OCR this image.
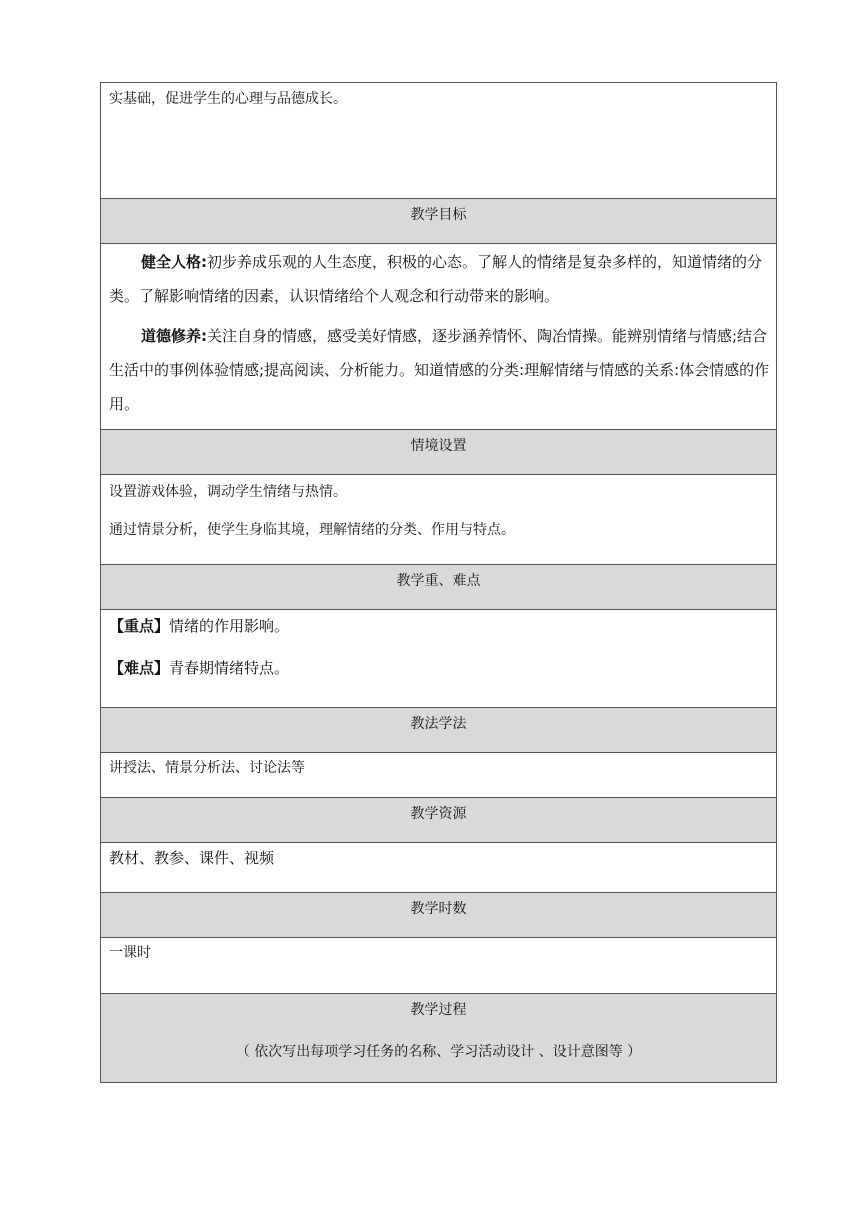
实基础，促进学生的心理与品德成长。

教学目标

健全人格:初步养成乐观的人生态度，积极的心态。了解人的情绪是复杂多样的，知道情绪的分类。了解影响情绪的因素，认识情绪给个人观念和行动带来的影响。

道德修养:关注自身的情感，感受美好情感，逐步涵养情怀、陶冶情操。能辨别情绪与情感;结合生活中的事例体验情感;提高阅读、分析能力。知道情感的分类:理解情绪与情感的关系:体会情感的作用。

情境设置

设置游戏体验，调动学生情绪与热情。

通过情景分析，使学生身临其境，理解情绪的分类、作用与特点。

教学重、难点

【重点】情绪的作用影响。

【难点】青春期情绪特点。

教法学法

讲授法、情景分析法、讨论法等

教学资源

教材、教参、课件、视频

教学时数

一课时

教学过程
（ 依次写出每项学习任务的名称、学习活动设计 、设计意图等 ）
